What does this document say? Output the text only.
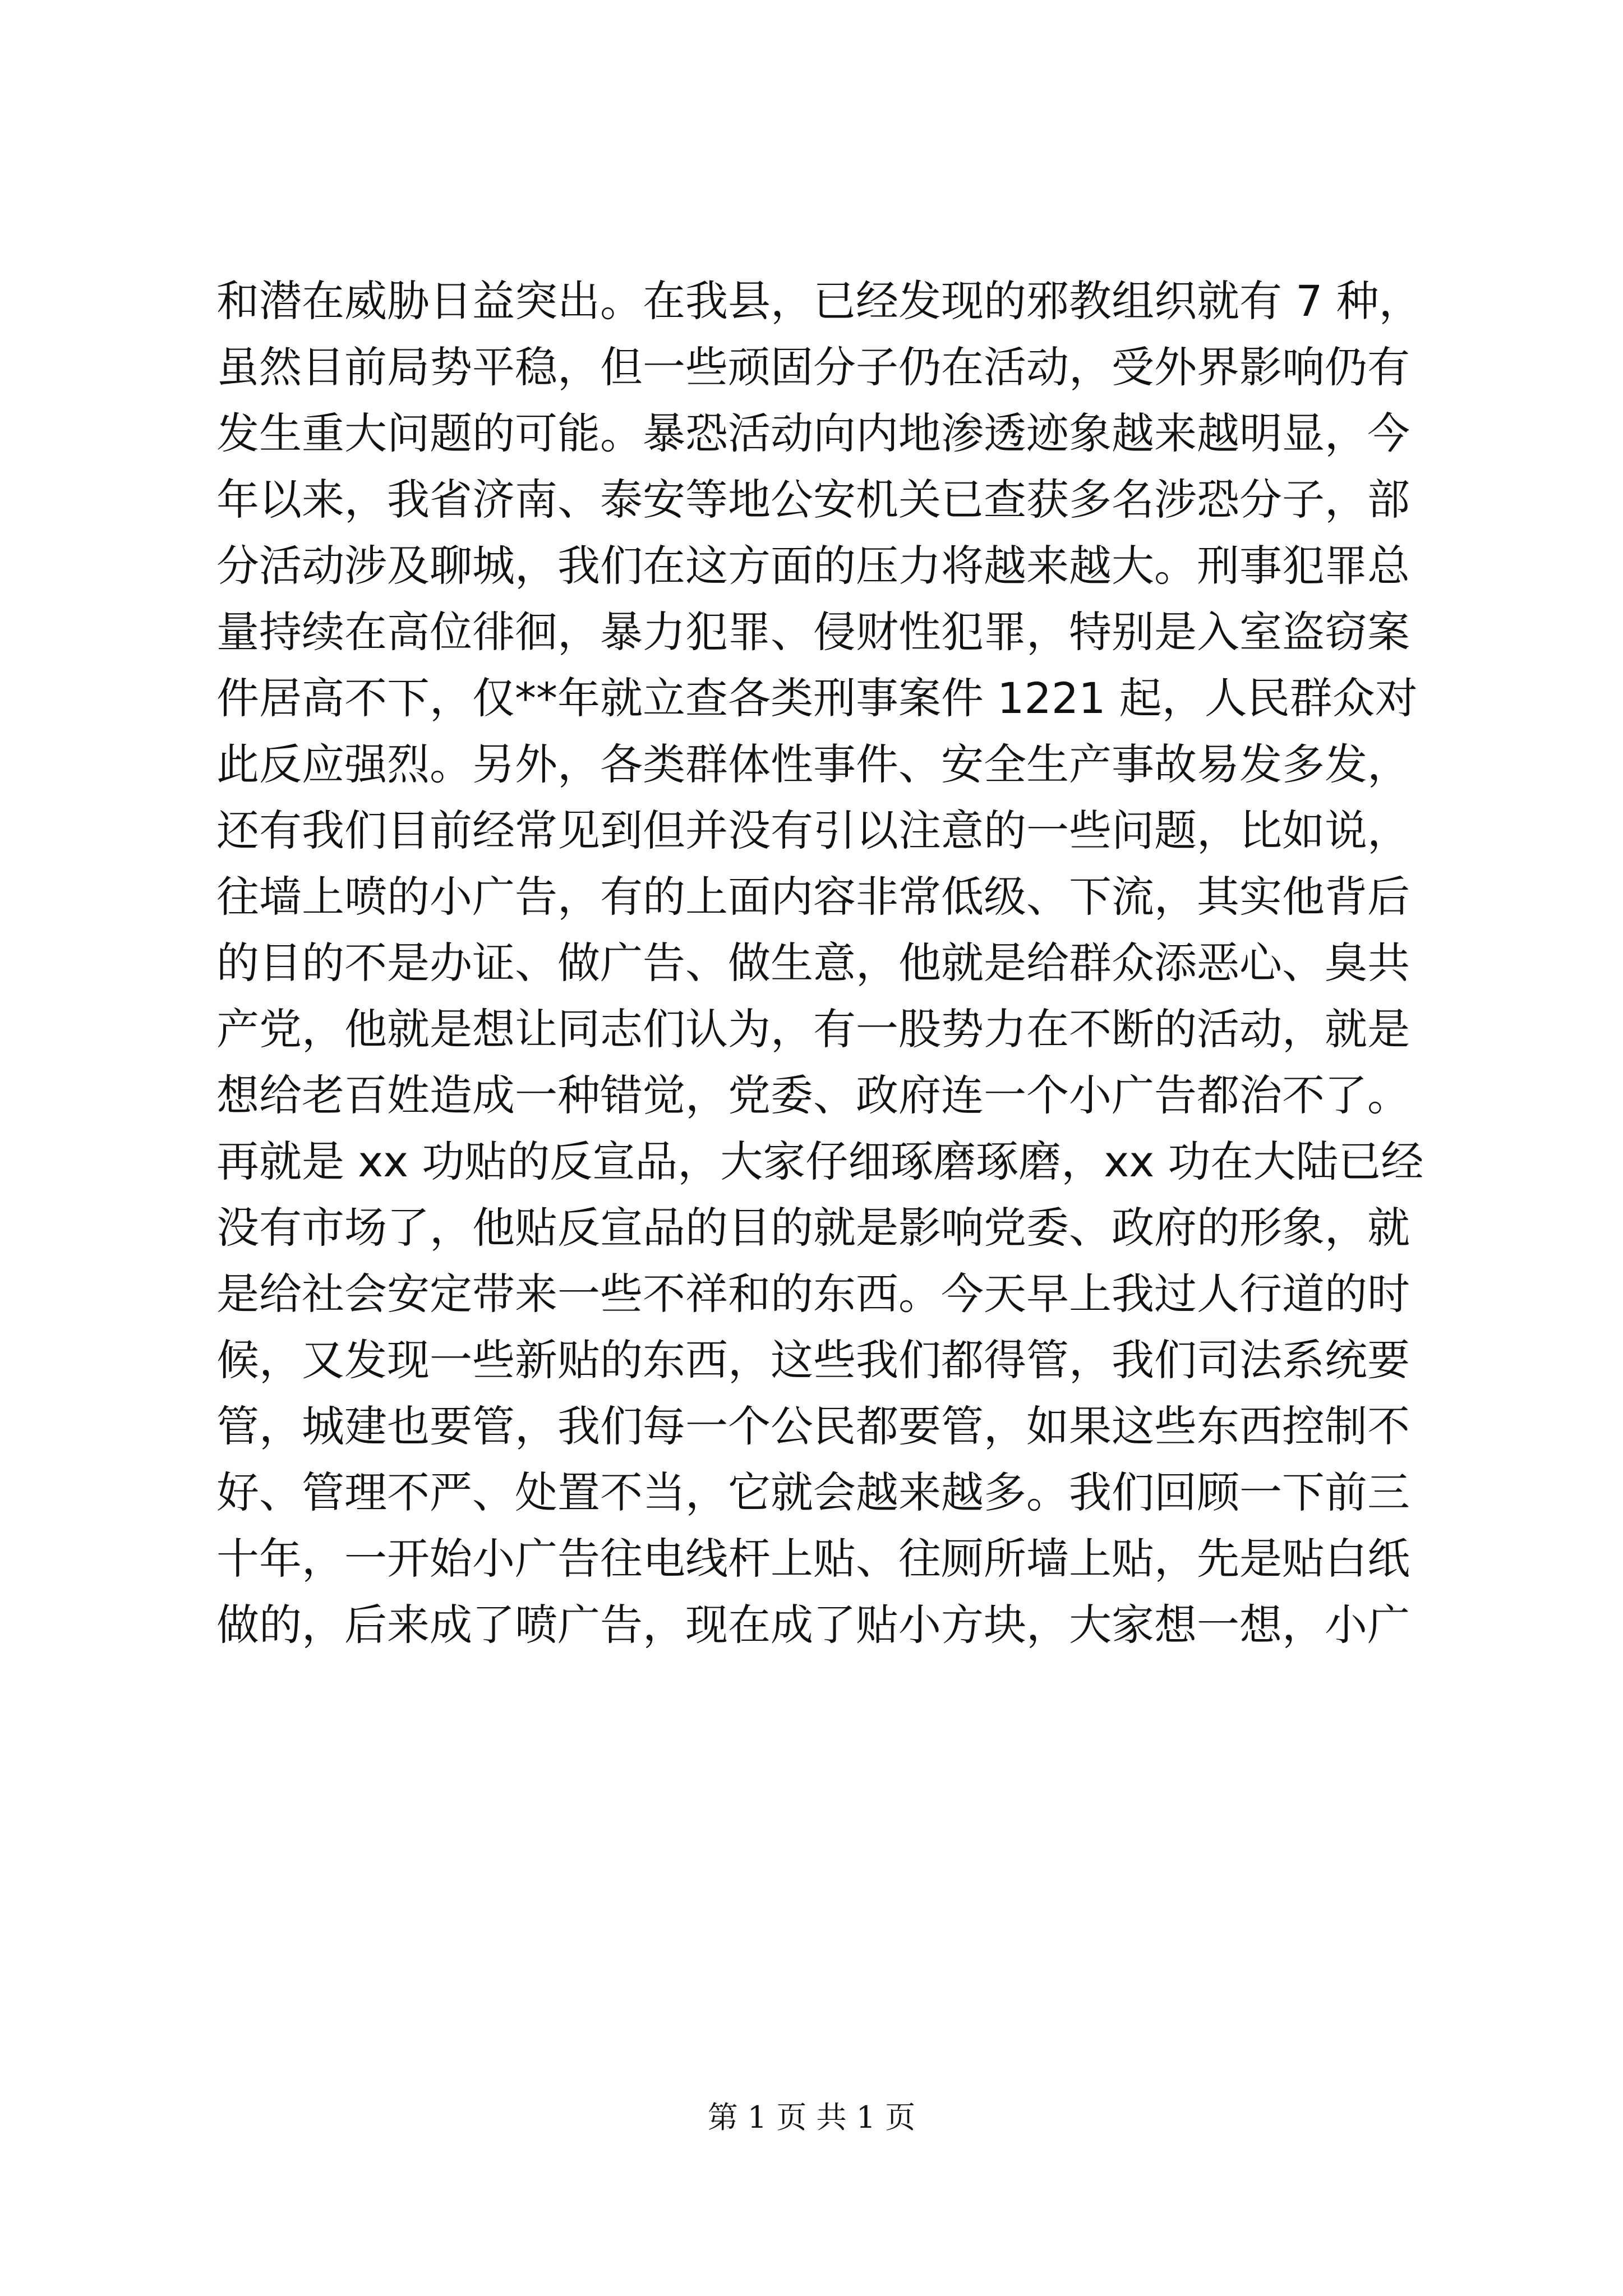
和潜在威胁日益突出。在我县，已经发现的邪教组织就有 7 种，
虽然目前局势平稳，但一些顽固分子仍在活动，受外界影响仍有
发生重大问题的可能。暴恐活动向内地渗透迹象越来越明显，今
年以来，我省济南、泰安等地公安机关已查获多名涉恐分子，部
分活动涉及聊城，我们在这方面的压力将越来越大。刑事犯罪总
量持续在高位徘徊，暴力犯罪、侵财性犯罪，特别是入室盗窃案
件居高不下，仅**年就立查各类刑事案件 1221 起，人民群众对
此反应强烈。另外，各类群体性事件、安全生产事故易发多发，
还有我们目前经常见到但并没有引以注意的一些问题，比如说，
往墙上喷的小广告，有的上面内容非常低级、下流，其实他背后
的目的不是办证、做广告、做生意，他就是给群众添恶心、臭共
产党，他就是想让同志们认为，有一股势力在不断的活动，就是
想给老百姓造成一种错觉，党委、政府连一个小广告都治不了。
再就是 xx 功贴的反宣品，大家仔细琢磨琢磨，xx 功在大陆已经
没有市场了，他贴反宣品的目的就是影响党委、政府的形象，就
是给社会安定带来一些不祥和的东西。今天早上我过人行道的时
候，又发现一些新贴的东西，这些我们都得管，我们司法系统要
管，城建也要管，我们每一个公民都要管，如果这些东西控制不
好、管理不严、处置不当，它就会越来越多。我们回顾一下前三
十年，一开始小广告往电线杆上贴、往厕所墙上贴，先是贴白纸
做的，后来成了喷广告，现在成了贴小方块，大家想一想，小广
第 1 页 共 1 页
